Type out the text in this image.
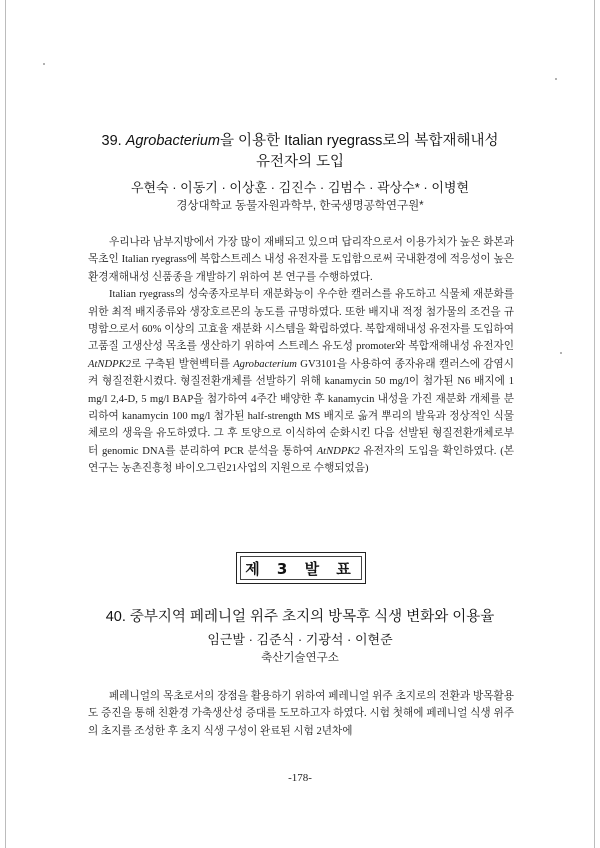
39. Agrobacterium을 이용한 Italian ryegrass로의 복합재해내성
유전자의 도입
우현숙 · 이동기 · 이상훈 · 김진수 · 김범수 · 곽상수* · 이병현
경상대학교 동물자원과학부, 한국생명공학연구원*

우리나라 남부지방에서 가장 많이 재배되고 있으며 답리작으로서 이용가치가 높은 화본과 목초인 Italian ryegrass에 복합스트레스 내성 유전자를 도입함으로써 국내환경에 적응성이 높은 환경재해내성 신품종을 개발하기 위하여 본 연구를 수행하였다.

Italian ryegrass의 성숙종자로부터 재분화능이 우수한 캘러스를 유도하고 식물체 재분화를 위한 최적 배지종류와 생장호르몬의 농도를 규명하였다. 또한 배지내 적정 첨가물의 조건을 규명함으로서 60% 이상의 고효율 재분화 시스템을 확립하였다. 복합재해내성 유전자를 도입하여 고품질 고생산성 목초를 생산하기 위하여 스트레스 유도성 promoter와 복합재해내성 유전자인 AtNDPK2로 구축된 발현벡터를 Agrobacterium GV3101을 사용하여 종자유래 캘러스에 감염시켜 형질전환시켰다. 형질전환개체를 선발하기 위해 kanamycin 50 mg/l이 첨가된 N6 배지에 1 mg/l 2,4-D, 5 mg/l BAP을 첨가하여 4주간 배양한 후 kanamycin 내성을 가진 재분화 개체를 분리하여 kanamycin 100 mg/l 첨가된 half-strength MS 배지로 옮겨 뿌리의 발육과 정상적인 식물체로의 생육을 유도하였다. 그 후 토양으로 이식하여 순화시킨 다음 선발된 형질전환개체로부터 genomic DNA를 분리하여 PCR 분석을 통하여 AtNDPK2 유전자의 도입을 확인하였다. (본 연구는 농촌진흥청 바이오그린21사업의 지원으로 수행되었음)

제 3 발 표
40. 중부지역 페레니얼 위주 초지의 방목후 식생 변화와 이용율
임근발 · 김준식 · 기광석 · 이현준
축산기술연구소

페레니얼의 목초로서의 장점을 활용하기 위하여 페레니얼 위주 초지로의 전환과 방목활용도 증진을 통해 친환경 가축생산성 증대를 도모하고자 하였다. 시험 첫해에 페레니얼 식생 위주의 초지를 조성한 후 초지 식생 구성이 완료된 시험 2년차에

-178-
